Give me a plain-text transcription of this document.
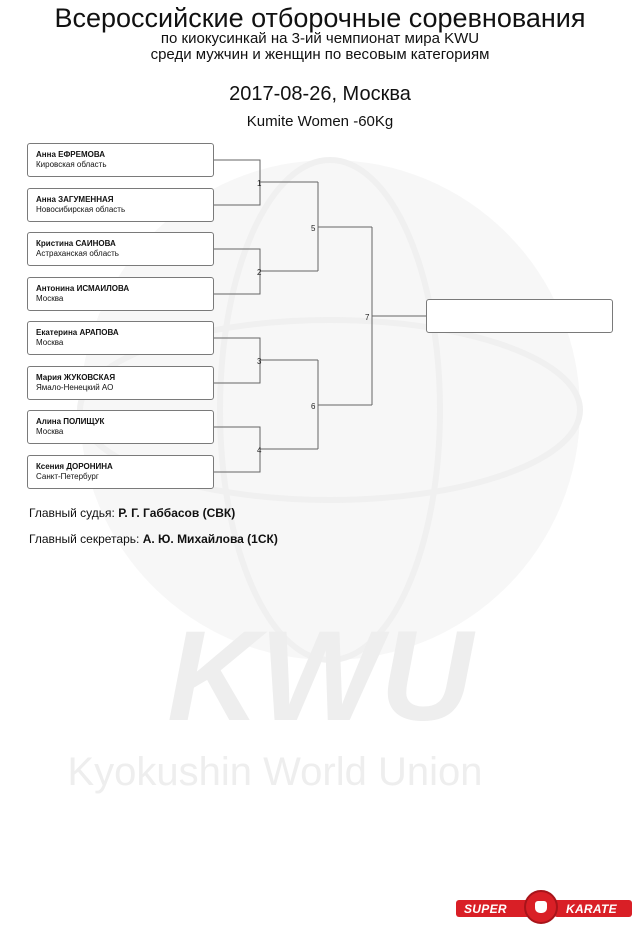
KWU
Kyokushin World Union
Всероссийские отборочные соревнования
по киокусинкай на 3-ий чемпионат мира KWU
среди мужчин и женщин по весовым категориям
2017-08-26, Москва
Kumite Women -60Kg
1
2
3
4
5
6
7
Анна ЕФРЕМОВА
Кировская область
Анна ЗАГУМЕННАЯ
Новосибирская область
Кристина САИНОВА
Астраханская область
Антонина ИСМАИЛОВА
Москва
Екатерина АРАПОВА
Москва
Мария ЖУКОВСКАЯ
Ямало-Ненецкий АО
Алина ПОЛИЩУК
Москва
Ксения ДОРОНИНА
Санкт-Петербург
Главный судья: Р. Г. Габбасов (СВК)
Главный секретарь: А. Ю. Михайлова (1СК)
SUPER	KARATE
